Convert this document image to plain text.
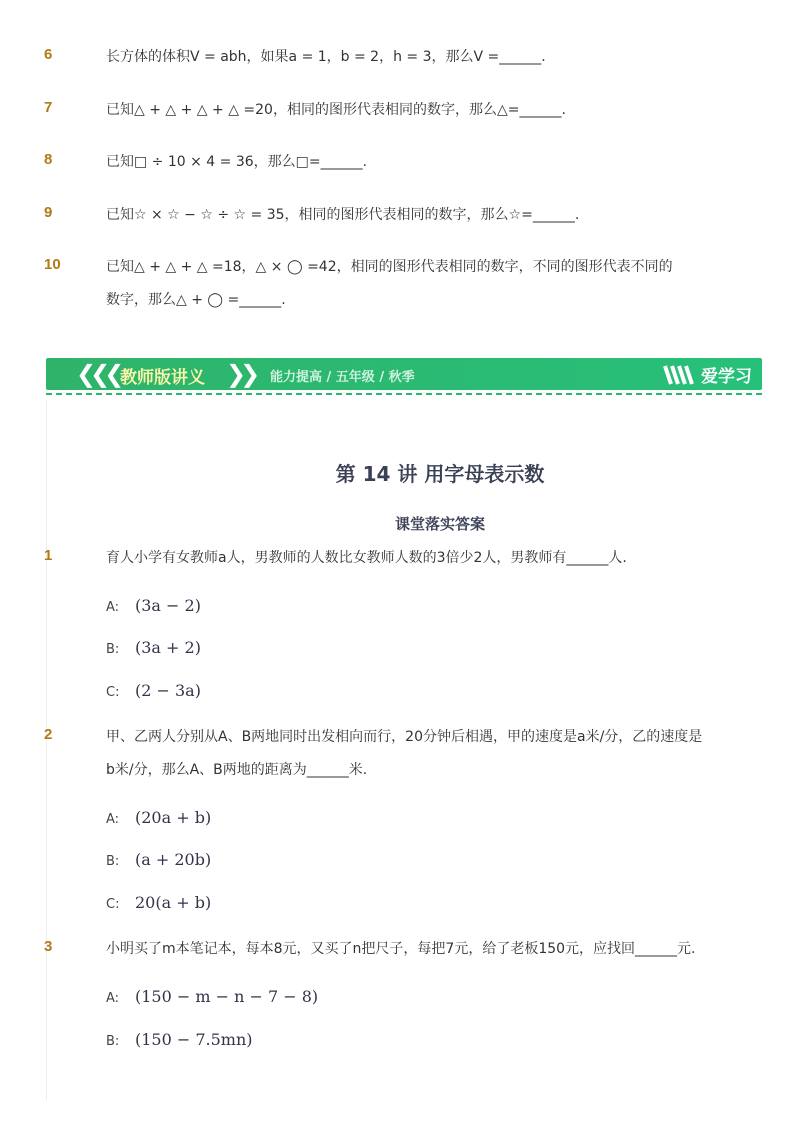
6	长方体的体积V = abh，如果a = 1，b = 2，h = 3，那么V =______.
7	已知△ + △ + △ + △ =20，相同的图形代表相同的数字，那么△=______.
8	已知□ ÷ 10 × 4 = 36，那么□=______.
9	已知☆ × ☆ − ☆ ÷ ☆ = 35，相同的图形代表相同的数字，那么☆=______.
10	已知△ + △ + △ =18，△ × ◯ =42，相同的图形代表相同的数字，不同的图形代表不同的
数字，那么△ + ◯ =______.
❮❮❮ 教师版讲义 ❯❯ 能力提高 / 五年级 / 秋季	爱学习
第 14 讲 用字母表示数
课堂落实答案
1	育人小学有女教师a人，男教师的人数比女教师人数的3倍少2人，男教师有______人.
A: (3a − 2)
B: (3a + 2)
C: (2 − 3a)
2	甲、乙两人分别从A、B两地同时出发相向而行，20分钟后相遇，甲的速度是a米/分，乙的速度是
b米/分，那么A、B两地的距离为______米.
A: (20a + b)
B: (a + 20b)
C: 20(a + b)
3	小明买了m本笔记本，每本8元，又买了n把尺子，每把7元，给了老板150元，应找回______元.
A: (150 − m − n − 7 − 8)
B: (150 − 7.5mn)
